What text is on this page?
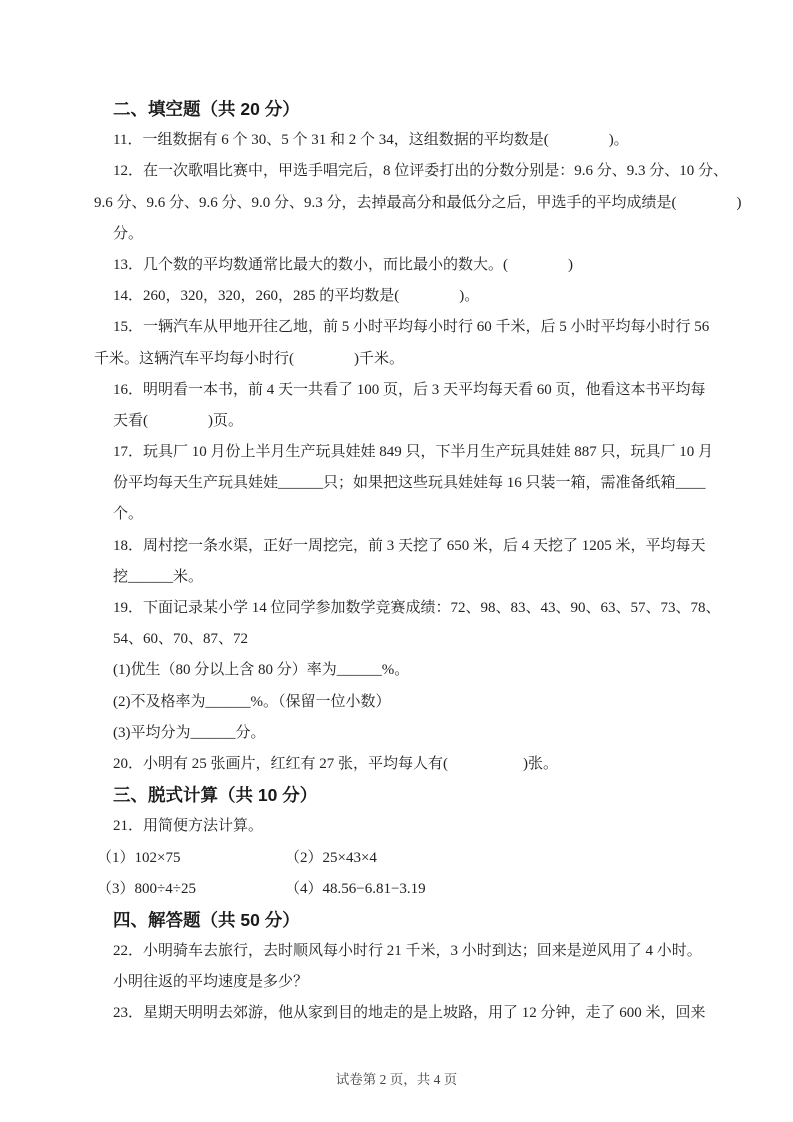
二、填空题（共 20 分）
11．一组数据有 6 个 30、5 个 31 和 2 个 34，这组数据的平均数是(　　　　)。
12．在一次歌唱比赛中，甲选手唱完后，8 位评委打出的分数分别是：9.6 分、9.3 分、10 分、
9.6 分、9.6 分、9.6 分、9.0 分、9.3 分，去掉最高分和最低分之后，甲选手的平均成绩是(　　　　)
分。
13．几个数的平均数通常比最大的数小，而比最小的数大。(　　　　)
14．260，320，320，260，285 的平均数是(　　　　)。
15．一辆汽车从甲地开往乙地，前 5 小时平均每小时行 60 千米，后 5 小时平均每小时行 56
千米。这辆汽车平均每小时行(　　　　)千米。
16．明明看一本书，前 4 天一共看了 100 页，后 3 天平均每天看 60 页，他看这本书平均每
天看(　　　　)页。
17．玩具厂 10 月份上半月生产玩具娃娃 849 只，下半月生产玩具娃娃 887 只，玩具厂 10 月
份平均每天生产玩具娃娃______只；如果把这些玩具娃娃每 16 只装一箱，需准备纸箱____
个。
18．周村挖一条水渠，正好一周挖完，前 3 天挖了 650 米，后 4 天挖了 1205 米，平均每天
挖______米。
19．下面记录某小学 14 位同学参加数学竞赛成绩：72、98、83、43、90、63、57、73、78、
54、60、70、87、72
(1)优生（80 分以上含 80 分）率为______%。
(2)不及格率为______%。（保留一位小数）
(3)平均分为______分。
20．小明有 25 张画片，红红有 27 张，平均每人有(　　　　　)张。
三、脱式计算（共 10 分）
21．用简便方法计算。
（1）102×75	（2）25×43×4
（3）800÷4÷25	（4）48.56−6.81−3.19
四、解答题（共 50 分）
22．小明骑车去旅行，去时顺风每小时行 21 千米，3 小时到达；回来是逆风用了 4 小时。
小明往返的平均速度是多少？
23．星期天明明去郊游，他从家到目的地走的是上坡路，用了 12 分钟，走了 600 米，回来
试卷第 2 页，共 4 页
